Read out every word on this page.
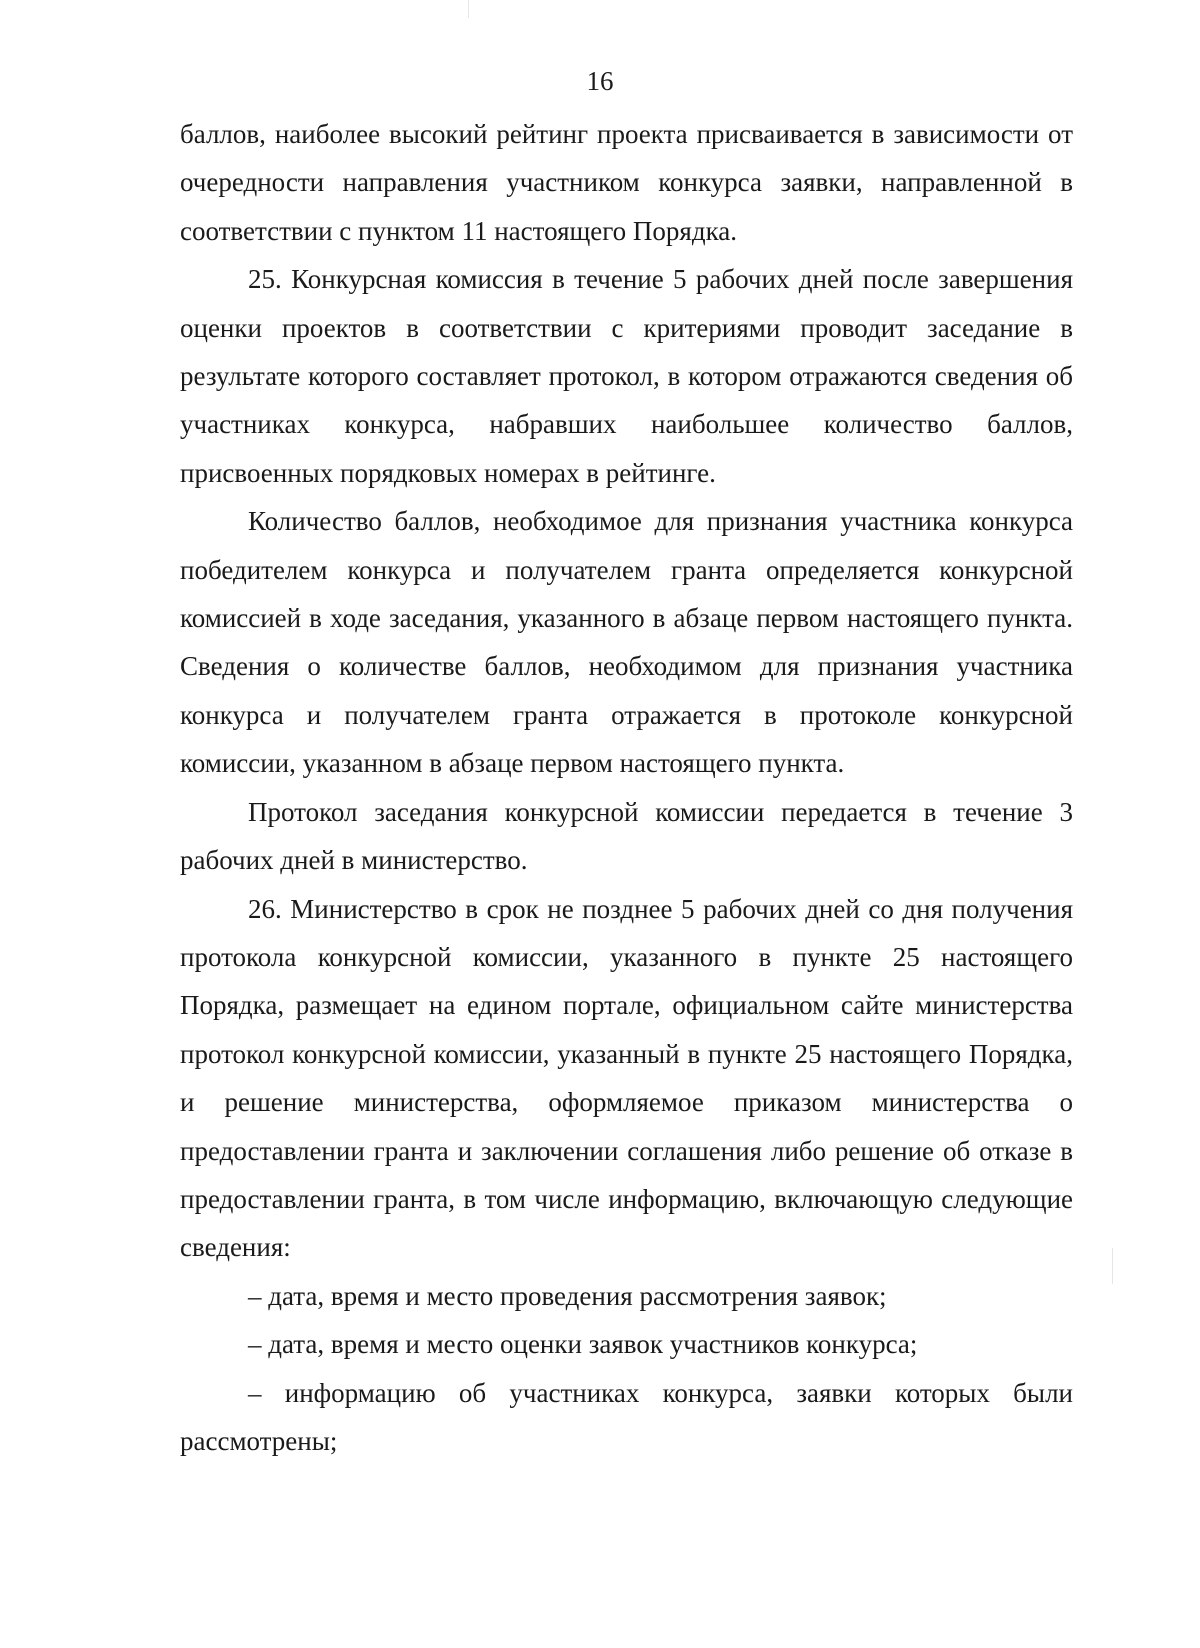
16

баллов, наиболее высокий рейтинг проекта присваивается в зависимости от очередности направления участником конкурса заявки, направленной в соответствии с пунктом 11 настоящего Порядка.

25. Конкурсная комиссия в течение 5 рабочих дней после завершения оценки проектов в соответствии с критериями проводит заседание в результате которого составляет протокол, в котором отражаются сведения об участниках конкурса, набравших наибольшее количество баллов, присвоенных порядковых номерах в рейтинге.

Количество баллов, необходимое для признания участника конкурса победителем конкурса и получателем гранта определяется конкурсной комиссией в ходе заседания, указанного в абзаце первом настоящего пункта. Сведения о количестве баллов, необходимом для признания участника конкурса и получателем гранта отражается в протоколе конкурсной комиссии, указанном в абзаце первом настоящего пункта.

Протокол заседания конкурсной комиссии передается в течение 3 рабочих дней в министерство.

26. Министерство в срок не позднее 5 рабочих дней со дня получения протокола конкурсной комиссии, указанного в пункте 25 настоящего Порядка, размещает на едином портале, официальном сайте министерства протокол конкурсной комиссии, указанный в пункте 25 настоящего Порядка, и решение министерства, оформляемое приказом министерства о предоставлении гранта и заключении соглашения либо решение об отказе в предоставлении гранта, в том числе информацию, включающую следующие сведения:

– дата, время и место проведения рассмотрения заявок;

– дата, время и место оценки заявок участников конкурса;

– информацию об участниках конкурса, заявки которых были рассмотрены;
